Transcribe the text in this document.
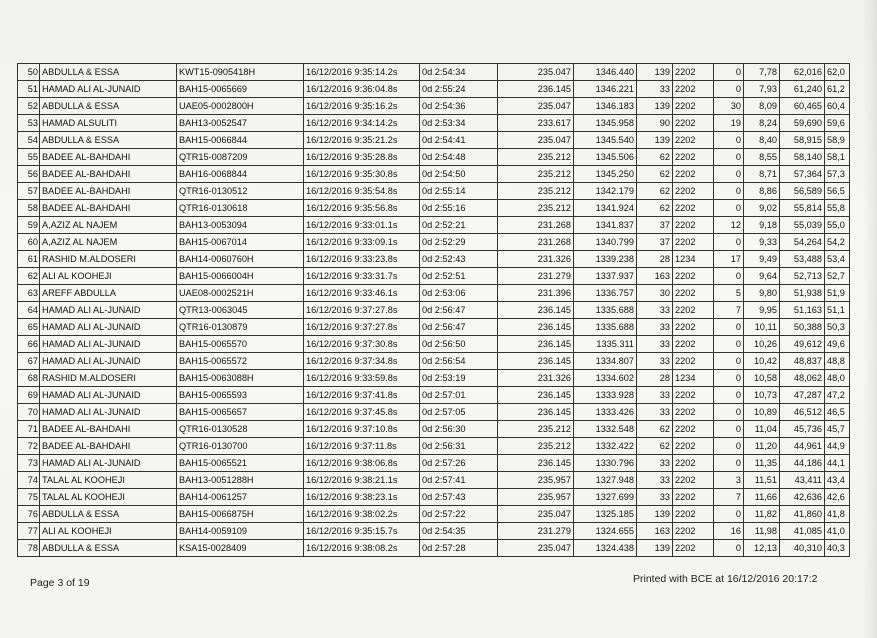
50	ABDULLA & ESSA	KWT15-0905418H	16/12/2016 9:35:14.2s	0d 2:54:34	235.047	1346.440	139	2202	0	7,78	62,016	62,0
51	HAMAD ALI AL-JUNAID	BAH15-0065669	16/12/2016 9:36:04.8s	0d 2:55:24	236.145	1346.221	33	2202	0	7,93	61,240	61,2
52	ABDULLA & ESSA	UAE05-0002800H	16/12/2016 9:35:16.2s	0d 2:54:36	235.047	1346.183	139	2202	30	8,09	60,465	60,4
53	HAMAD ALSULITI	BAH13-0052547	16/12/2016 9:34:14.2s	0d 2:53:34	233.617	1345.958	90	2202	19	8,24	59,690	59,6
54	ABDULLA & ESSA	BAH15-0066844	16/12/2016 9:35:21.2s	0d 2:54:41	235.047	1345.540	139	2202	0	8,40	58,915	58,9
55	BADEE AL-BAHDAHI	QTR15-0087209	16/12/2016 9:35:28.8s	0d 2:54:48	235.212	1345.506	62	2202	0	8,55	58,140	58,1
56	BADEE AL-BAHDAHI	BAH16-0068844	16/12/2016 9:35:30.8s	0d 2:54:50	235.212	1345.250	62	2202	0	8,71	57,364	57,3
57	BADEE AL-BAHDAHI	QTR16-0130512	16/12/2016 9:35:54.8s	0d 2:55:14	235.212	1342.179	62	2202	0	8,86	56,589	56,5
58	BADEE AL-BAHDAHI	QTR16-0130618	16/12/2016 9:35:56.8s	0d 2:55:16	235.212	1341.924	62	2202	0	9,02	55,814	55,8
59	A,AZIZ AL NAJEM	BAH13-0053094	16/12/2016 9:33:01.1s	0d 2:52:21	231.268	1341.837	37	2202	12	9,18	55,039	55,0
60	A,AZIZ AL NAJEM	BAH15-0067014	16/12/2016 9:33:09.1s	0d 2:52:29	231.268	1340.799	37	2202	0	9,33	54,264	54,2
61	RASHID M.ALDOSERI	BAH14-0060760H	16/12/2016 9:33:23.8s	0d 2:52:43	231.326	1339.238	28	1234	17	9,49	53,488	53,4
62	ALI AL KOOHEJI	BAH15-0066004H	16/12/2016 9:33:31.7s	0d 2:52:51	231.279	1337.937	163	2202	0	9,64	52,713	52,7
63	AREFF ABDULLA	UAE08-0002521H	16/12/2016 9:33:46.1s	0d 2:53:06	231.396	1336.757	30	2202	5	9,80	51,938	51,9
64	HAMAD ALI AL-JUNAID	QTR13-0063045	16/12/2016 9:37:27.8s	0d 2:56:47	236.145	1335.688	33	2202	7	9,95	51,163	51,1
65	HAMAD ALI AL-JUNAID	QTR16-0130879	16/12/2016 9:37:27.8s	0d 2:56:47	236.145	1335.688	33	2202	0	10,11	50,388	50,3
66	HAMAD ALI AL-JUNAID	BAH15-0065570	16/12/2016 9:37:30.8s	0d 2:56:50	236.145	1335.311	33	2202	0	10,26	49,612	49,6
67	HAMAD ALI AL-JUNAID	BAH15-0065572	16/12/2016 9:37:34.8s	0d 2:56:54	236.145	1334.807	33	2202	0	10,42	48,837	48,8
68	RASHID M.ALDOSERI	BAH15-0063088H	16/12/2016 9:33:59.8s	0d 2:53:19	231.326	1334.602	28	1234	0	10,58	48,062	48,0
69	HAMAD ALI AL-JUNAID	BAH15-0065593	16/12/2016 9:37:41.8s	0d 2:57:01	236.145	1333.928	33	2202	0	10,73	47,287	47,2
70	HAMAD ALI AL-JUNAID	BAH15-0065657	16/12/2016 9:37:45.8s	0d 2:57:05	236.145	1333.426	33	2202	0	10,89	46,512	46,5
71	BADEE AL-BAHDAHI	QTR16-0130528	16/12/2016 9:37:10.8s	0d 2:56:30	235.212	1332.548	62	2202	0	11,04	45,736	45,7
72	BADEE AL-BAHDAHI	QTR16-0130700	16/12/2016 9:37:11.8s	0d 2:56:31	235.212	1332.422	62	2202	0	11,20	44,961	44,9
73	HAMAD ALI AL-JUNAID	BAH15-0065521	16/12/2016 9:38:06.8s	0d 2:57:26	236.145	1330.796	33	2202	0	11,35	44,186	44,1
74	TALAL AL KOOHEJI	BAH13-0051288H	16/12/2016 9:38:21.1s	0d 2:57:41	235.957	1327.948	33	2202	3	11,51	43,411	43,4
75	TALAL AL KOOHEJI	BAH14-0061257	16/12/2016 9:38:23.1s	0d 2:57:43	235.957	1327.699	33	2202	7	11,66	42,636	42,6
76	ABDULLA & ESSA	BAH15-0066875H	16/12/2016 9:38:02.2s	0d 2:57:22	235.047	1325.185	139	2202	0	11,82	41,860	41,8
77	ALI AL KOOHEJI	BAH14-0059109	16/12/2016 9:35:15.7s	0d 2:54:35	231.279	1324.655	163	2202	16	11,98	41,085	41,0
78	ABDULLA & ESSA	KSA15-0028409	16/12/2016 9:38:08.2s	0d 2:57:28	235.047	1324.438	139	2202	0	12,13	40,310	40,3
Page 3 of 19	Printed with BCE at 16/12/2016 20:17:2
